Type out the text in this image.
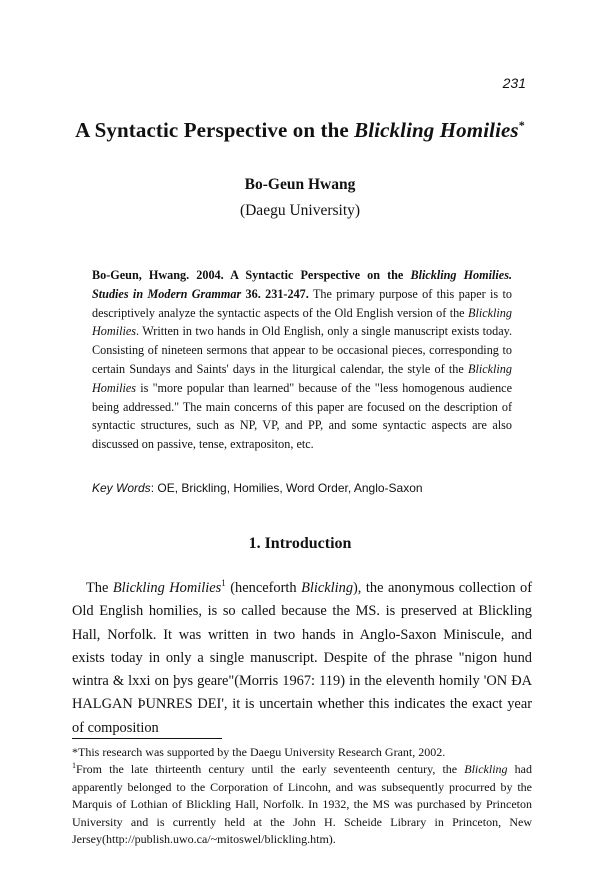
231
A Syntactic Perspective on the Blickling Homilies*
Bo-Geun Hwang
(Daegu University)

Bo-Geun, Hwang. 2004. A Syntactic Perspective on the Blickling Homilies. Studies in Modern Grammar 36. 231-247. The primary purpose of this paper is to descriptively analyze the syntactic aspects of the Old English version of the Blickling Homilies. Written in two hands in Old English, only a single manuscript exists today. Consisting of nineteen sermons that appear to be occasional pieces, corresponding to certain Sundays and Saints' days in the liturgical calendar, the style of the Blickling Homilies is "more popular than learned" because of the "less homogenous audience being addressed." The main concerns of this paper are focused on the description of syntactic structures, such as NP, VP, and PP, and some syntactic aspects are also discussed on passive, tense, extrapositon, etc.

Key Words: OE, Brickling, Homilies, Word Order, Anglo-Saxon

1. Introduction

The Blickling Homilies$^1$ (henceforth Blickling), the anonymous collection of Old English homilies, is so called because the MS. is preserved at Blickling Hall, Norfolk. It was written in two hands in Anglo-Saxon Miniscule, and exists today in only a single manuscript. Despite of the phrase "nigon hund wintra & lxxi on þys geare"(Morris 1967: 119) in the eleventh homily 'ON ÐA HALGAN ÞUNRES DEI', it is uncertain whether this indicates the exact year of composition

*This research was supported by the Daegu University Research Grant, 2002.

$^1$From the late thirteenth century until the early seventeenth century, the Blickling had apparently belonged to the Corporation of Lincohn, and was subsequently procurred by the Marquis of Lothian of Blickling Hall, Norfolk. In 1932, the MS was purchased by Princeton University and is currently held at the John H. Scheide Library in Princeton, New Jersey(http://publish.uwo.ca/~mitoswel/blickling.htm).
